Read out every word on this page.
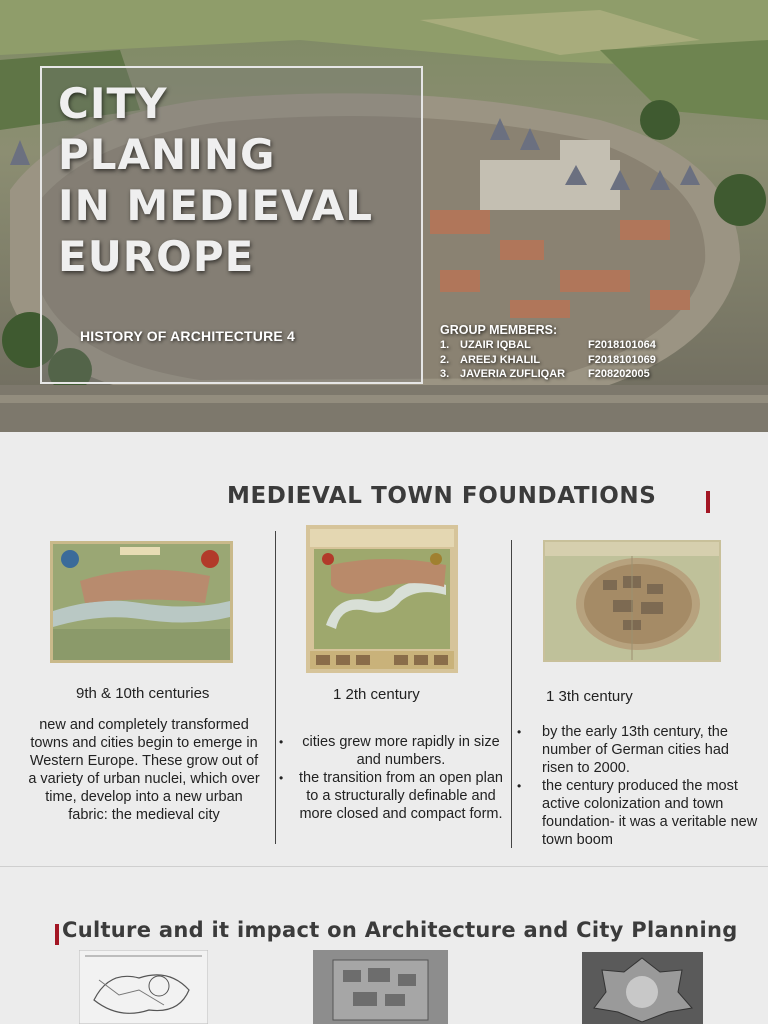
CITY
PLANING
IN MEDIEVAL
EUROPE
HISTORY OF ARCHITECTURE 4	GROUP MEMBERS:
1. UZAIR IQBAL	F2018101064
2. AREEJ KHALIL	F2018101069
3. JAVERIA ZUFLIQAR	F208202005
MEDIEVAL TOWN FOUNDATIONS
9th & 10th centuries

new and completely transformed towns and cities begin to emerge in Western Europe. These grow out of a variety of urban nuclei, which over time, develop into a new urban fabric: the medieval city

1 2th century
•	cities grew more rapidly in size and numbers.
•	the transition from an open plan to a structurally definable and more closed and compact form.
1 3th century
•	by the early 13th century, the number of German cities had risen to 2000.
•	the century produced the most active colonization and town foundation- it was a veritable new town boom
Culture and it impact on Architecture and City Planning
